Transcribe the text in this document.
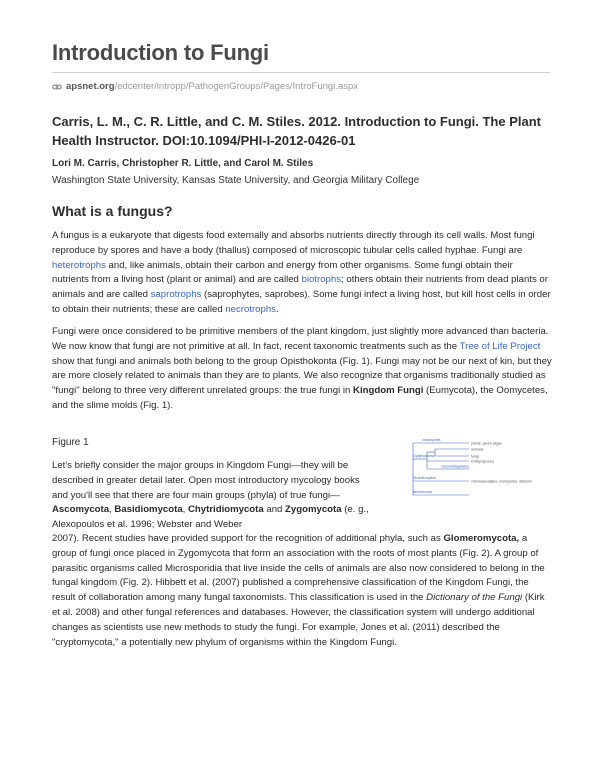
Introduction to Fungi
apsnet.org/edcenter/intropp/PathogenGroups/Pages/IntroFungi.aspx

Carris, L. M., C. R. Little, and C. M. Stiles. 2012. Introduction to Fungi. The Plant Health Instructor. DOI:10.1094/PHI-I-2012-0426-01

Lori M. Carris, Christopher R. Little, and Carol M. Stiles
Washington State University, Kansas State University, and Georgia Military College
What is a fungus?

A fungus is a eukaryote that digests food externally and absorbs nutrients directly through its cell walls. Most fungi reproduce by spores and have a body (thallus) composed of microscopic tubular cells called hyphae. Fungi are heterotrophs and, like animals, obtain their carbon and energy from other organisms. Some fungi obtain their nutrients from a living host (plant or animal) and are called biotrophs; others obtain their nutrients from dead plants or animals and are called saprotrophs (saprophytes, saprobes). Some fungi infect a living host, but kill host cells in order to obtain their nutrients; these are called necrotrophs.

Fungi were once considered to be primitive members of the plant kingdom, just slightly more advanced than bacteria. We now know that fungi are not primitive at all. In fact, recent taxonomic treatments such as the Tree of Life Project show that fungi and animals both belong to the group Opisthokonta (Fig. 1). Fungi may not be our next of kin, but they are more closely related to animals than they are to plants. We also recognize that organisms traditionally studied as "fungi" belong to three very different unrelated groups: the true fungi in Kingdom Fungi (Eumycota), the Oomycetes, and the slime molds (Fig. 1).

Figure 1	eukaryotes
plants, green algae
Opisthokonta
animals
fungi
Ichthyosporea
choanoflagellates
Stramenopiles
chromalveolates, Oomycetes, diatoms
Amoebozoa

Let's briefly consider the major groups in Kingdom Fungi—they will be described in greater detail later. Open most introductory mycology books and you'll see that there are four main groups (phyla) of true fungi—Ascomycota, Basidiomycota, Chytridiomycota and Zygomycota (e. g., Alexopoulos et al. 1996; Webster and Weber

2007). Recent studies have provided support for the recognition of additional phyla, such as Glomeromycota, a group of fungi once placed in Zygomycota that form an association with the roots of most plants (Fig. 2). A group of parasitic organisms called Microsporidia that live inside the cells of animals are also now considered to belong in the fungal kingdom (Fig. 2). Hibbett et al. (2007) published a comprehensive classification of the Kingdom Fungi, the result of collaboration among many fungal taxonomists. This classification is used in the Dictionary of the Fungi (Kirk et al. 2008) and other fungal references and databases. However, the classification system will undergo additional changes as scientists use new methods to study the fungi. For example, Jones et al. (2011) described the "cryptomycota," a potentially new phylum of organisms within the Kingdom Fungi.
